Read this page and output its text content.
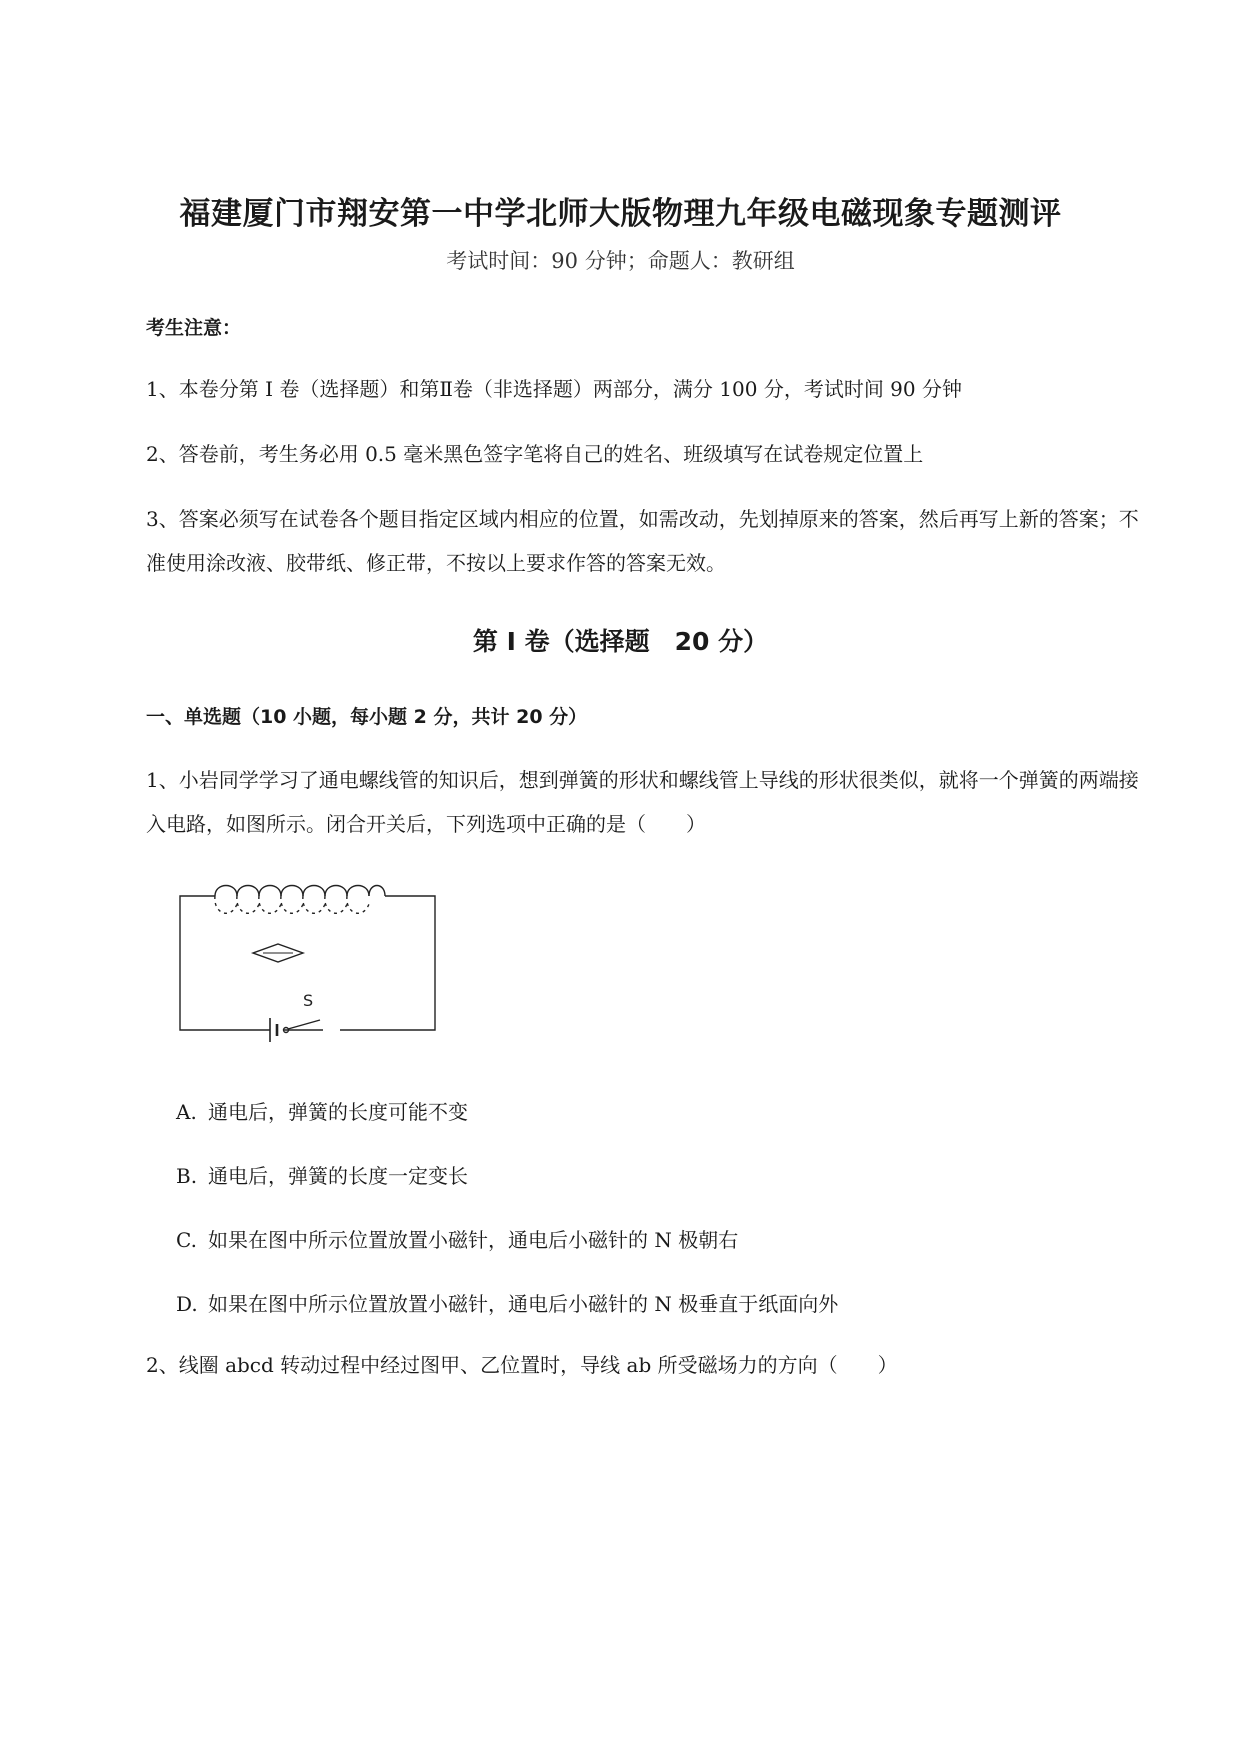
福建厦门市翔安第一中学北师大版物理九年级电磁现象专题测评
考试时间：90 分钟；命题人：教研组
考生注意：
1、本卷分第 I 卷（选择题）和第Ⅱ卷（非选择题）两部分，满分 100 分，考试时间 90 分钟
2、答卷前，考生务必用 0.5 毫米黑色签字笔将自己的姓名、班级填写在试卷规定位置上
3、答案必须写在试卷各个题目指定区域内相应的位置，如需改动，先划掉原来的答案，然后再写上新的答案；不准使用涂改液、胶带纸、修正带，不按以上要求作答的答案无效。
第 I 卷（选择题　20 分）
一、单选题（10 小题，每小题 2 分，共计 20 分）
1、小岩同学学习了通电螺线管的知识后，想到弹簧的形状和螺线管上导线的形状很类似，就将一个弹簧的两端接入电路，如图所示。闭合开关后，下列选项中正确的是（　　）
S
A. 通电后，弹簧的长度可能不变
B. 通电后，弹簧的长度一定变长
C. 如果在图中所示位置放置小磁针，通电后小磁针的 N 极朝右
D. 如果在图中所示位置放置小磁针，通电后小磁针的 N 极垂直于纸面向外
2、线圈 abcd 转动过程中经过图甲、乙位置时，导线 ab 所受磁场力的方向（　　）
